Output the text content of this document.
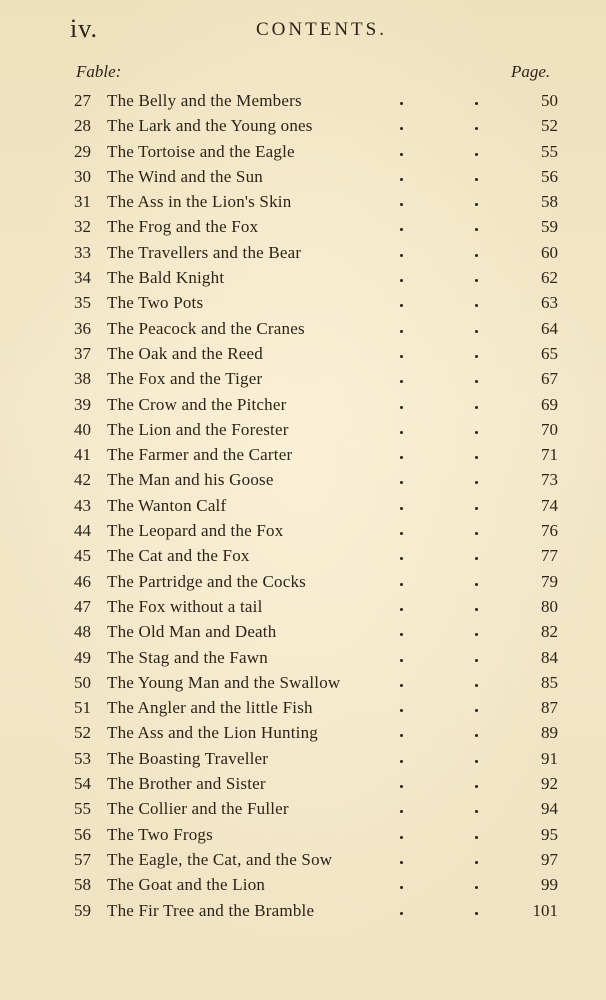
iv.	CONTENTS.
Fable:	Page.
27 The Belly and the Members	50
28 The Lark and the Young ones	52
29 The Tortoise and the Eagle	55
30 The Wind and the Sun	56
31 The Ass in the Lion's Skin	58
32 The Frog and the Fox	59
33 The Travellers and the Bear	60
34 The Bald Knight	62
35 The Two Pots	63
36 The Peacock and the Cranes	64
37 The Oak and the Reed	65
38 The Fox and the Tiger	67
39 The Crow and the Pitcher	69
40 The Lion and the Forester	70
41 The Farmer and the Carter	71
42 The Man and his Goose	73
43 The Wanton Calf	74
44 The Leopard and the Fox	76
45 The Cat and the Fox	77
46 The Partridge and the Cocks	79
47 The Fox without a tail	80
48 The Old Man and Death	82
49 The Stag and the Fawn	84
50 The Young Man and the Swallow	85
51 The Angler and the little Fish	87
52 The Ass and the Lion Hunting	89
53 The Boasting Traveller	91
54 The Brother and Sister	92
55 The Collier and the Fuller	94
56 The Two Frogs	95
57 The Eagle, the Cat, and the Sow	97
58 The Goat and the Lion	99
59 The Fir Tree and the Bramble	101
